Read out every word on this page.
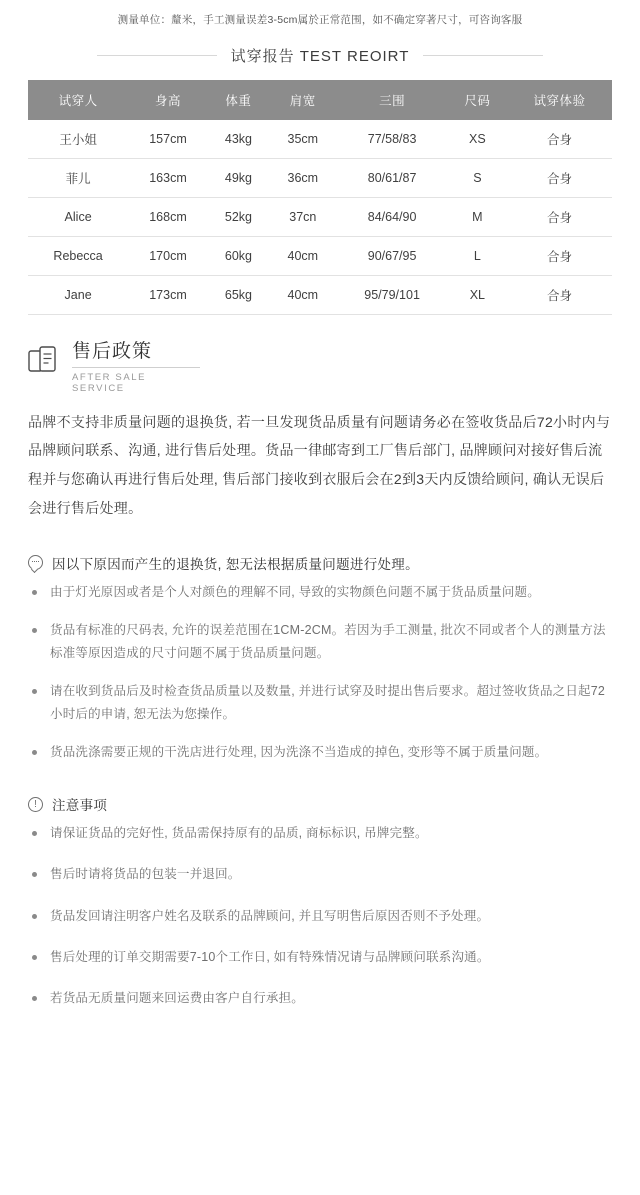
测量单位：釐米，手工测量误差3-5cm属於正常范围，如不确定穿著尺寸，可咨询客服
试穿报告 TEST REOIRT
试穿人	身高	体重	肩宽	三围	尺码	试穿体验
王小姐	157cm	43kg	35cm	77/58/83	XS	合身
菲儿	163cm	49kg	36cm	80/61/87	S	合身
Alice	168cm	52kg	37cn	84/64/90	M	合身
Rebecca	170cm	60kg	40cm	90/67/95	L	合身
Jane	173cm	65kg	40cm	95/79/101	XL	合身
售后政策
AFTER SALE SERVICE

品牌不支持非质量问题的退换货, 若一旦发现货品质量有问题请务必在签收货品后72小时内与品牌顾问联系、沟通, 进行售后处理。货品一律邮寄到工厂售后部门, 品牌顾问对接好售后流程并与您确认再进行售后处理, 售后部门接收到衣服后会在2到3天内反馈给顾问, 确认无误后会进行售后处理。

因以下原因而产生的退换货, 恕无法根据质量问题进行处理。
由于灯光原因或者是个人对颜色的理解不同, 导致的实物颜色问题不属于货品质量问题。
货品有标准的尺码表, 允许的误差范围在1CM-2CM。若因为手工测量, 批次不同或者个人的测量方法标准等原因造成的尺寸问题不属于货品质量问题。
请在收到货品后及时检查货品质量以及数量, 并进行试穿及时提出售后要求。超过签收货品之日起72小时后的申请, 恕无法为您操作。
货品洗涤需要正规的干洗店进行处理, 因为洗涤不当造成的掉色, 变形等不属于质量问题。
!
注意事项
请保证货品的完好性, 货品需保持原有的品质, 商标标识, 吊牌完整。
售后时请将货品的包装一并退回。
货品发回请注明客户姓名及联系的品牌顾问, 并且写明售后原因否则不予处理。
售后处理的订单交期需要7-10个工作日, 如有特殊情况请与品牌顾问联系沟通。
若货品无质量问题来回运费由客户自行承担。
